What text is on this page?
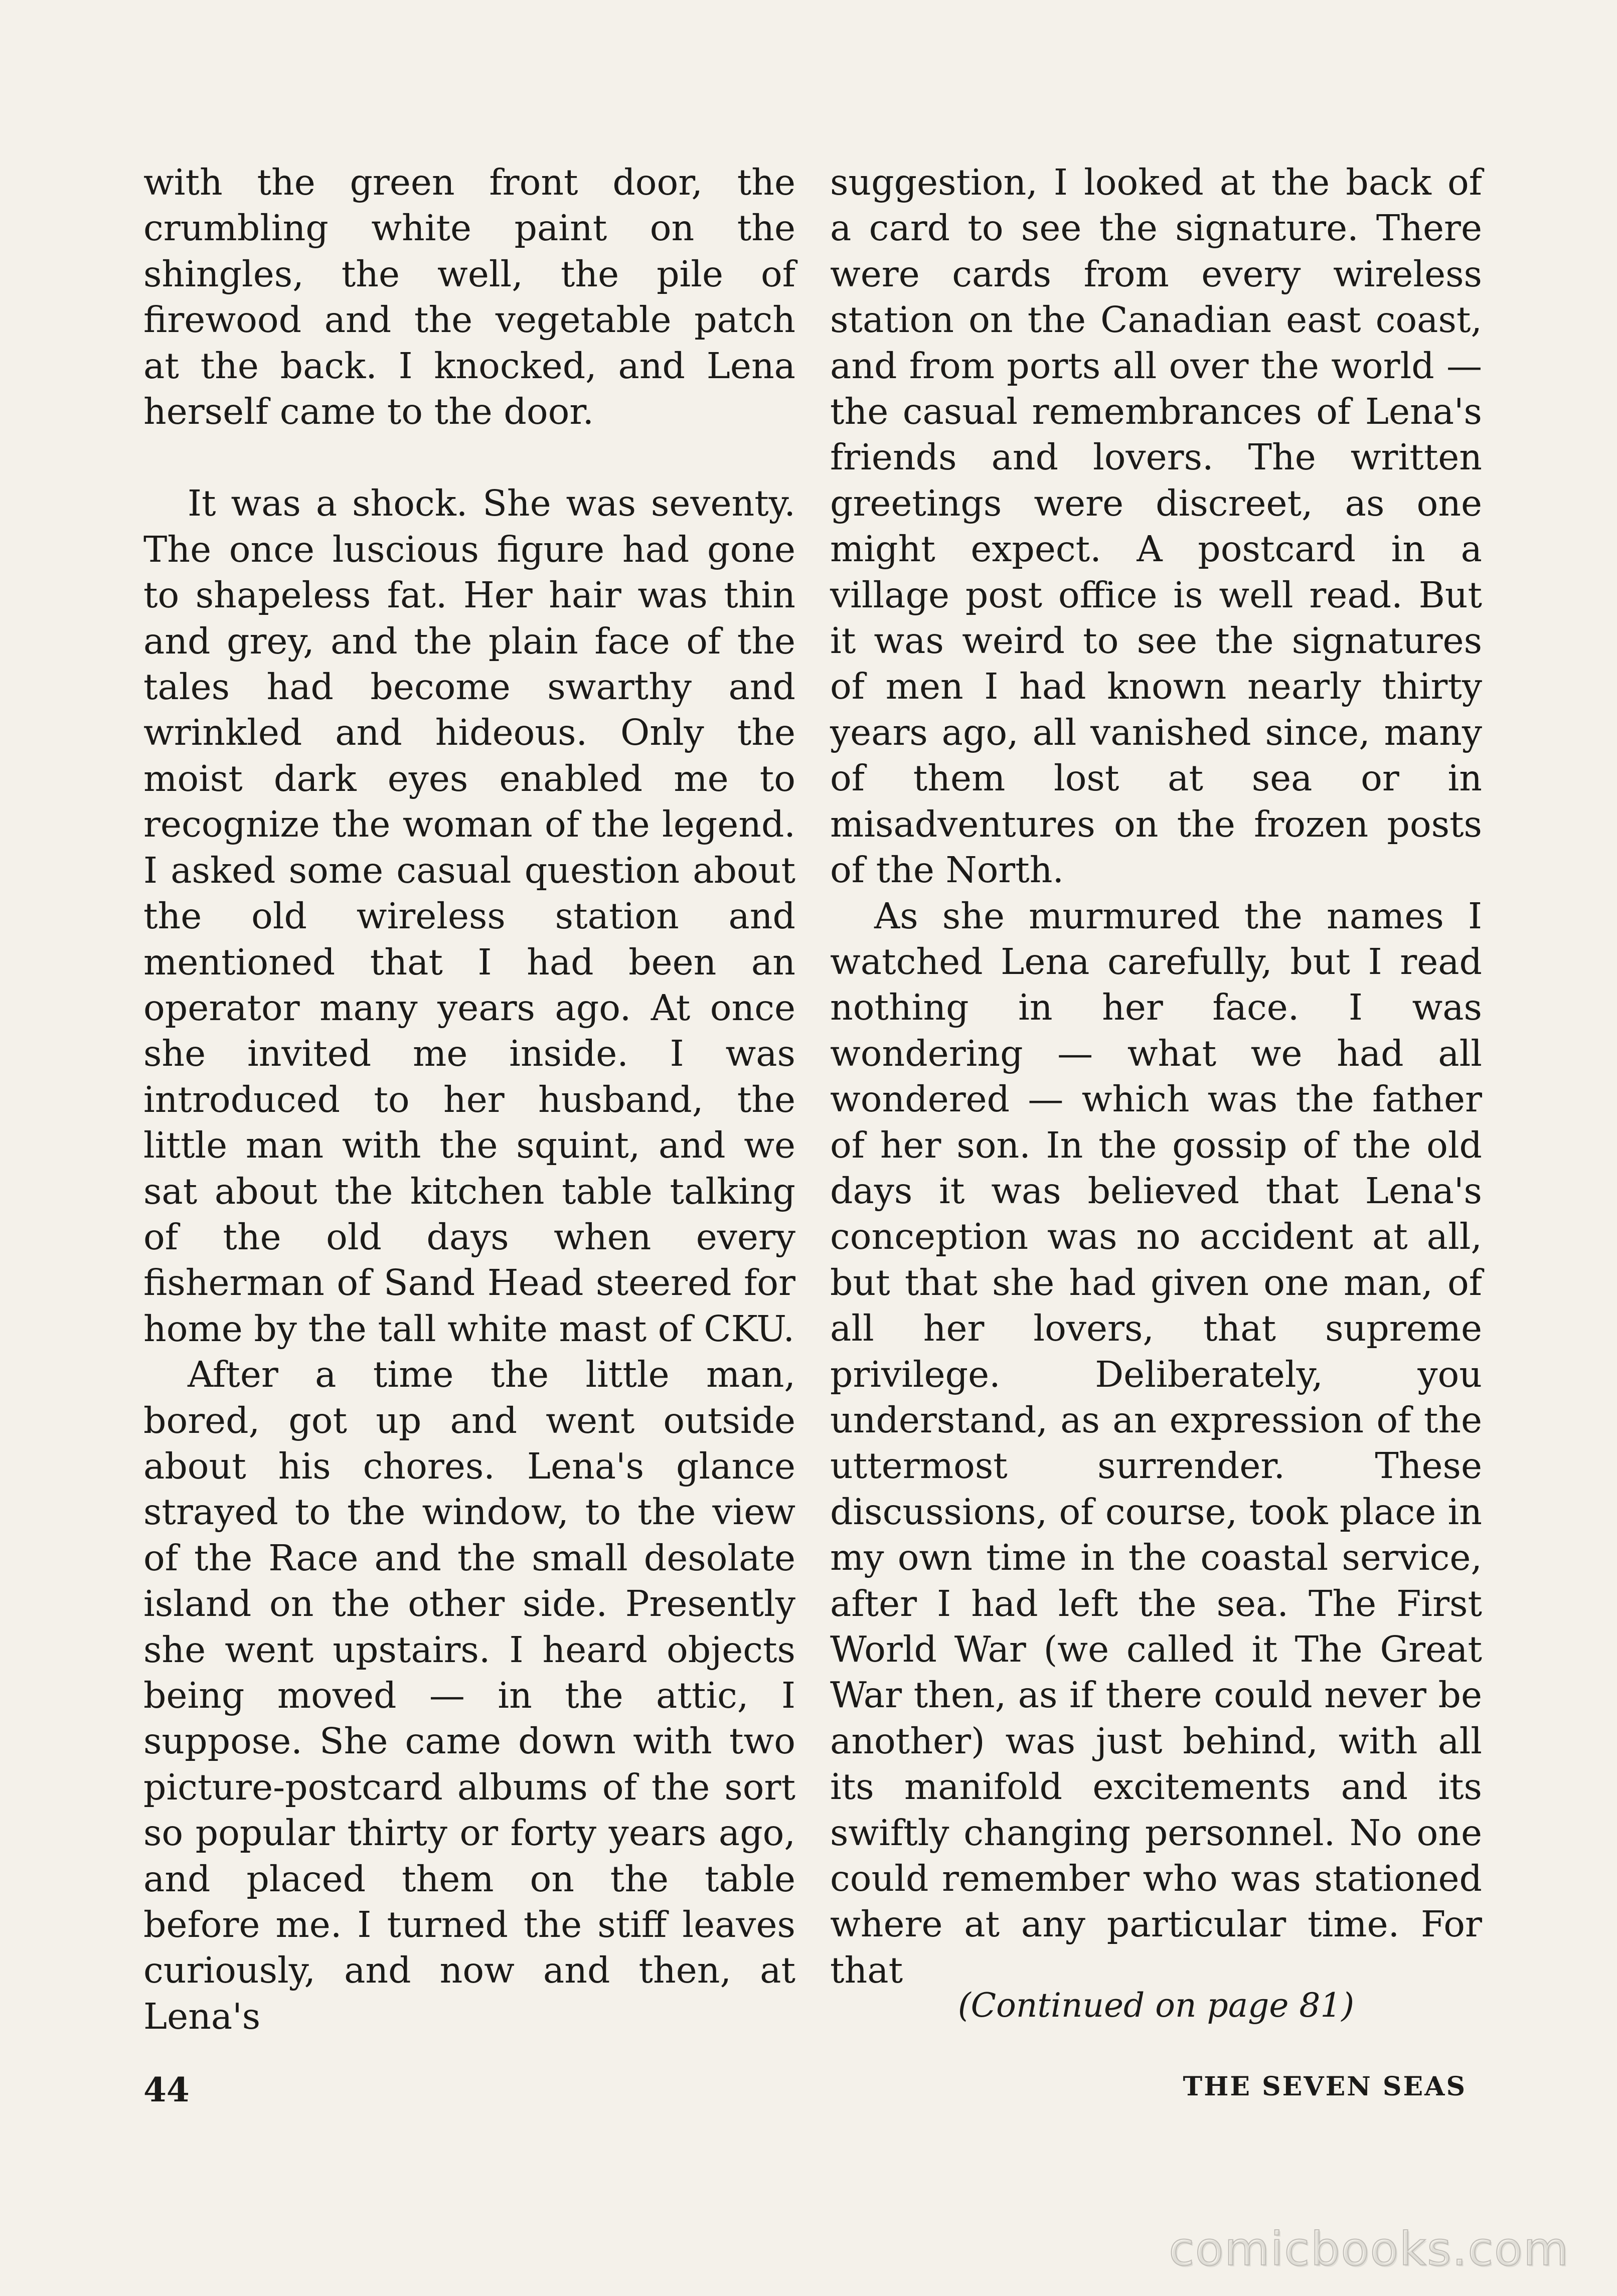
with the green front door, the crumbling white paint on the shingles, the well, the pile of firewood and the vegetable patch at the back. I knocked, and Lena herself came to the door.

It was a shock. She was seventy. The once luscious figure had gone to shapeless fat. Her hair was thin and grey, and the plain face of the tales had become swarthy and wrinkled and hideous. Only the moist dark eyes enabled me to recognize the woman of the legend. I asked some casual question about the old wireless station and mentioned that I had been an operator many years ago. At once she invited me inside. I was introduced to her husband, the little man with the squint, and we sat about the kitchen table talking of the old days when every fisherman of Sand Head steered for home by the tall white mast of CKU.

After a time the little man, bored, got up and went outside about his chores. Lena's glance strayed to the window, to the view of the Race and the small desolate island on the other side. Presently she went upstairs. I heard objects being moved — in the attic, I suppose. She came down with two picture-postcard albums of the sort so popular thirty or forty years ago, and placed them on the table before me. I turned the stiff leaves curiously, and now and then, at Lena's

suggestion, I looked at the back of a card to see the signature. There were cards from every wireless station on the Canadian east coast, and from ports all over the world — the casual remembrances of Lena's friends and lovers. The written greetings were discreet, as one might expect. A postcard in a village post office is well read. But it was weird to see the signatures of men I had known nearly thirty years ago, all vanished since, many of them lost at sea or in misadventures on the frozen posts of the North.

As she murmured the names I watched Lena carefully, but I read nothing in her face. I was wondering — what we had all wondered — which was the father of her son. In the gossip of the old days it was believed that Lena's conception was no accident at all, but that she had given one man, of all her lovers, that supreme privilege. Deliberately, you understand, as an expression of the uttermost surrender. These discussions, of course, took place in my own time in the coastal service, after I had left the sea. The First World War (we called it The Great War then, as if there could never be another) was just behind, with all its manifold excitements and its swiftly changing personnel. No one could remember who was stationed where at any particular time. For that

(Continued on page 81)
44	THE SEVEN SEAS
comicbooks.com
